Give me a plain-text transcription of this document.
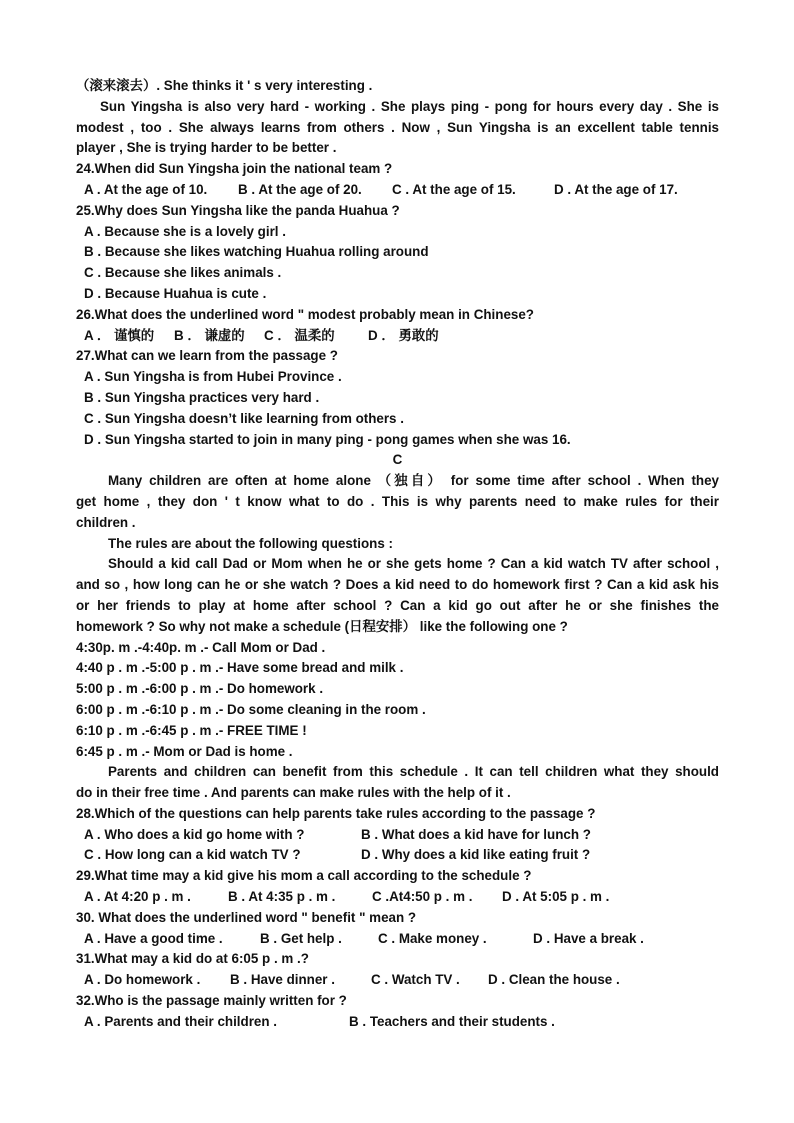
（滚来滚去）. She thinks it ' s very interesting .
Sun Yingsha is also very hard - working . She plays ping - pong for hours every day . She is
modest , too . She always learns from others . Now , Sun Yingsha is an excellent table tennis
player , She is trying harder to be better .
24.When did Sun Yingsha join the national team ?
A . At the age of 10.	B . At the age of 20.	C . At the age of 15.	D . At the age of 17.
25.Why does Sun Yingsha like the panda Huahua ?
A . Because she is a lovely girl .
B . Because she likes watching Huahua rolling around
C . Because she likes animals .
D . Because Huahua is cute .
26.What does the underlined word " modest probably mean in Chinese?
A ． 谨慎的	B ． 谦虚的	C ． 温柔的	D ． 勇敢的
27.What can we learn from the passage ?
A . Sun Yingsha is from Hubei Province .
B . Sun Yingsha practices very hard .
C . Sun Yingsha doesn’t like learning from others .
D . Sun Yingsha started to join in many ping - pong games when she was 16.
C
Many children are often at home alone （独自） for some time after school . When they
get home , they don ' t know what to do . This is why parents need to make rules for their
children .
The rules are about the following questions :
Should a kid call Dad or Mom when he or she gets home ? Can a kid watch TV after school ,
and so , how long can he or she watch ? Does a kid need to do homework first ? Can a kid ask his
or her friends to play at home after school ? Can a kid go out after he or she finishes the
homework ? So why not make a schedule (日程安排） like the following one ?
4:30p. m .-4:40p. m .- Call Mom or Dad .
4:40 p . m .-5:00 p . m .- Have some bread and milk .
5:00 p . m .-6:00 p . m .- Do homework .
6:00 p . m .-6:10 p . m .- Do some cleaning in the room .
6:10 p . m .-6:45 p . m .- FREE TIME !
6:45 p . m .- Mom or Dad is home .
Parents and children can benefit from this schedule . It can tell children what they should
do in their free time . And parents can make rules with the help of it .
28.Which of the questions can help parents take rules according to the passage ?
A . Who does a kid go home with ?	B . What does a kid have for lunch ?
C . How long can a kid watch TV ?	D . Why does a kid like eating fruit ?
29.What time may a kid give his mom a call according to the schedule ?
A . At 4:20 p . m .	B . At 4:35 p . m .	C .At4:50 p . m .	D . At 5:05 p . m .
30. What does the underlined word " benefit " mean ?
A . Have a good time .	B . Get help .	C . Make money .	D . Have a break .
31.What may a kid do at 6:05 p . m .?
A . Do homework .	B . Have dinner .	C . Watch TV .	D . Clean the house .
32.Who is the passage mainly written for ?
A . Parents and their children .	B . Teachers and their students .
